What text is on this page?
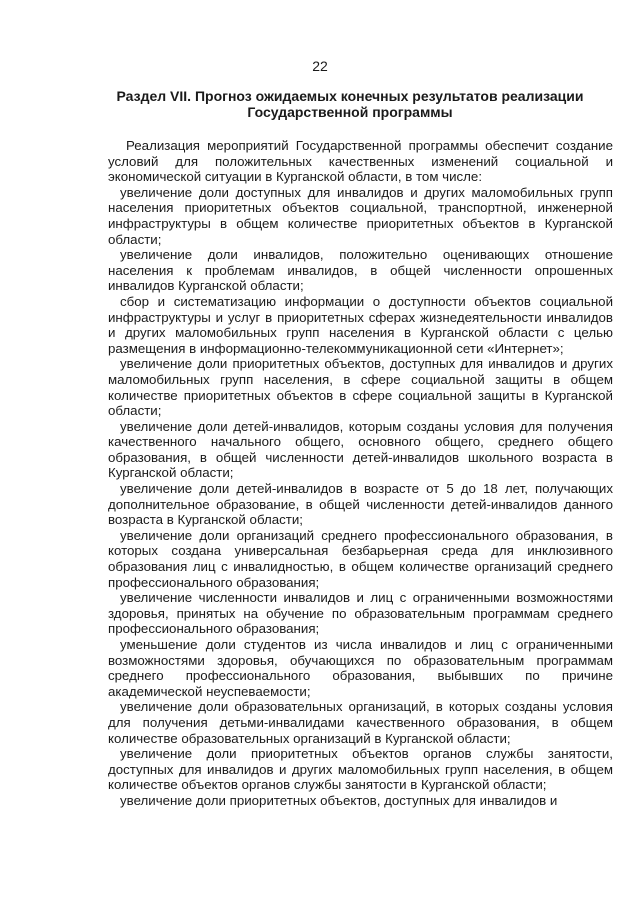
22
Раздел VII. Прогноз ожидаемых конечных результатов реализации
Государственной программы

Реализация мероприятий Государственной программы обеспечит создание условий для положительных качественных изменений социальной и экономической ситуации в Курганской области, в том числе:

увеличение доли доступных для инвалидов и других маломобильных групп населения приоритетных объектов социальной, транспортной, инженерной инфраструктуры в общем количестве приоритетных объектов в Курганской области;

увеличение доли инвалидов, положительно оценивающих отношение населения к проблемам инвалидов, в общей численности опрошенных инвалидов Курганской области;

сбор и систематизацию информации о доступности объектов социальной инфраструктуры и услуг в приоритетных сферах жизнедеятельности инвалидов и других маломобильных групп населения в Курганской области с целью размещения в информационно-телекоммуникационной сети «Интернет»;

увеличение доли приоритетных объектов, доступных для инвалидов и других маломобильных групп населения, в сфере социальной защиты в общем количестве приоритетных объектов в сфере социальной защиты в Курганской области;

увеличение доли детей-инвалидов, которым созданы условия для получения качественного начального общего, основного общего, среднего общего образования, в общей численности детей-инвалидов школьного возраста в Курганской области;

увеличение доли детей-инвалидов в возрасте от 5 до 18 лет, получающих дополнительное образование, в общей численности детей-инвалидов данного возраста в Курганской области;

увеличение доли организаций среднего профессионального образования, в которых создана универсальная безбарьерная среда для инклюзивного образования лиц с инвалидностью, в общем количестве организаций среднего профессионального образования;

увеличение численности инвалидов и лиц с ограниченными возможностями здоровья, принятых на обучение по образовательным программам среднего профессионального образования;

уменьшение доли студентов из числа инвалидов и лиц с ограниченными возможностями здоровья, обучающихся по образовательным программам среднего профессионального образования, выбывших по причине академической неуспеваемости;

увеличение доли образовательных организаций, в которых созданы условия для получения детьми-инвалидами качественного образования, в общем количестве образовательных организаций в Курганской области;

увеличение доли приоритетных объектов органов службы занятости, доступных для инвалидов и других маломобильных групп населения, в общем количестве объектов органов службы занятости в Курганской области;

увеличение доли приоритетных объектов, доступных для инвалидов и
